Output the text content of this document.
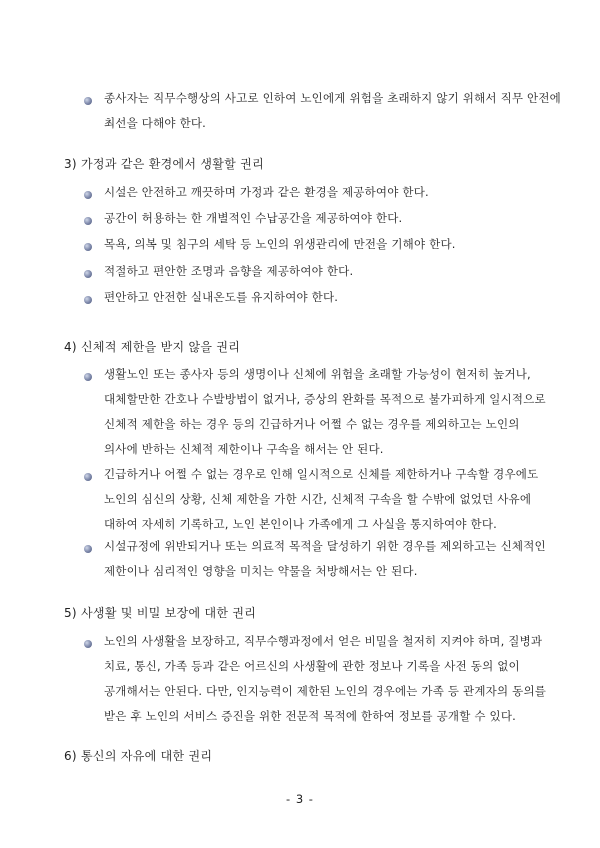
종사자는 직무수행상의 사고로 인하여 노인에게 위험을 초래하지 않기 위해서 직무 안전에
최선을 다해야 한다.
3) 가정과 같은 환경에서 생활할 권리
시설은 안전하고 깨끗하며 가정과 같은 환경을 제공하여야 한다.
공간이 허용하는 한 개별적인 수납공간을 제공하여야 한다.
목욕, 의복 및 침구의 세탁 등 노인의 위생관리에 만전을 기해야 한다.
적절하고 편안한 조명과 음향을 제공하여야 한다.
편안하고 안전한 실내온도를 유지하여야 한다.
4) 신체적 제한을 받지 않을 권리
생활노인 또는 종사자 등의 생명이나 신체에 위험을 초래할 가능성이 현저히 높거나,
대체할만한 간호나 수발방법이 없거나, 증상의 완화를 목적으로 불가피하게 일시적으로
신체적 제한을 하는 경우 등의 긴급하거나 어쩔 수 없는 경우를 제외하고는 노인의
의사에 반하는 신체적 제한이나 구속을 해서는 안 된다.
긴급하거나 어쩔 수 없는 경우로 인해 일시적으로 신체를 제한하거나 구속할 경우에도
노인의 심신의 상황, 신체 제한을 가한 시간, 신체적 구속을 할 수밖에 없었던 사유에
대하여 자세히 기록하고, 노인 본인이나 가족에게 그 사실을 통지하여야 한다.
시설규정에 위반되거나 또는 의료적 목적을 달성하기 위한 경우를 제외하고는 신체적인
제한이나 심리적인 영향을 미치는 약물을 처방해서는 안 된다.
5) 사생활 및 비밀 보장에 대한 권리
노인의 사생활을 보장하고, 직무수행과정에서 얻은 비밀을 철저히 지켜야 하며, 질병과
치료, 통신, 가족 등과 같은 어르신의 사생활에 관한 정보나 기록을 사전 동의 없이
공개해서는 안된다. 다만, 인지능력이 제한된 노인의 경우에는 가족 등 관계자의 동의를
받은 후 노인의 서비스 증진을 위한 전문적 목적에 한하여 정보를 공개할 수 있다.
6) 통신의 자유에 대한 권리
- 3 -
